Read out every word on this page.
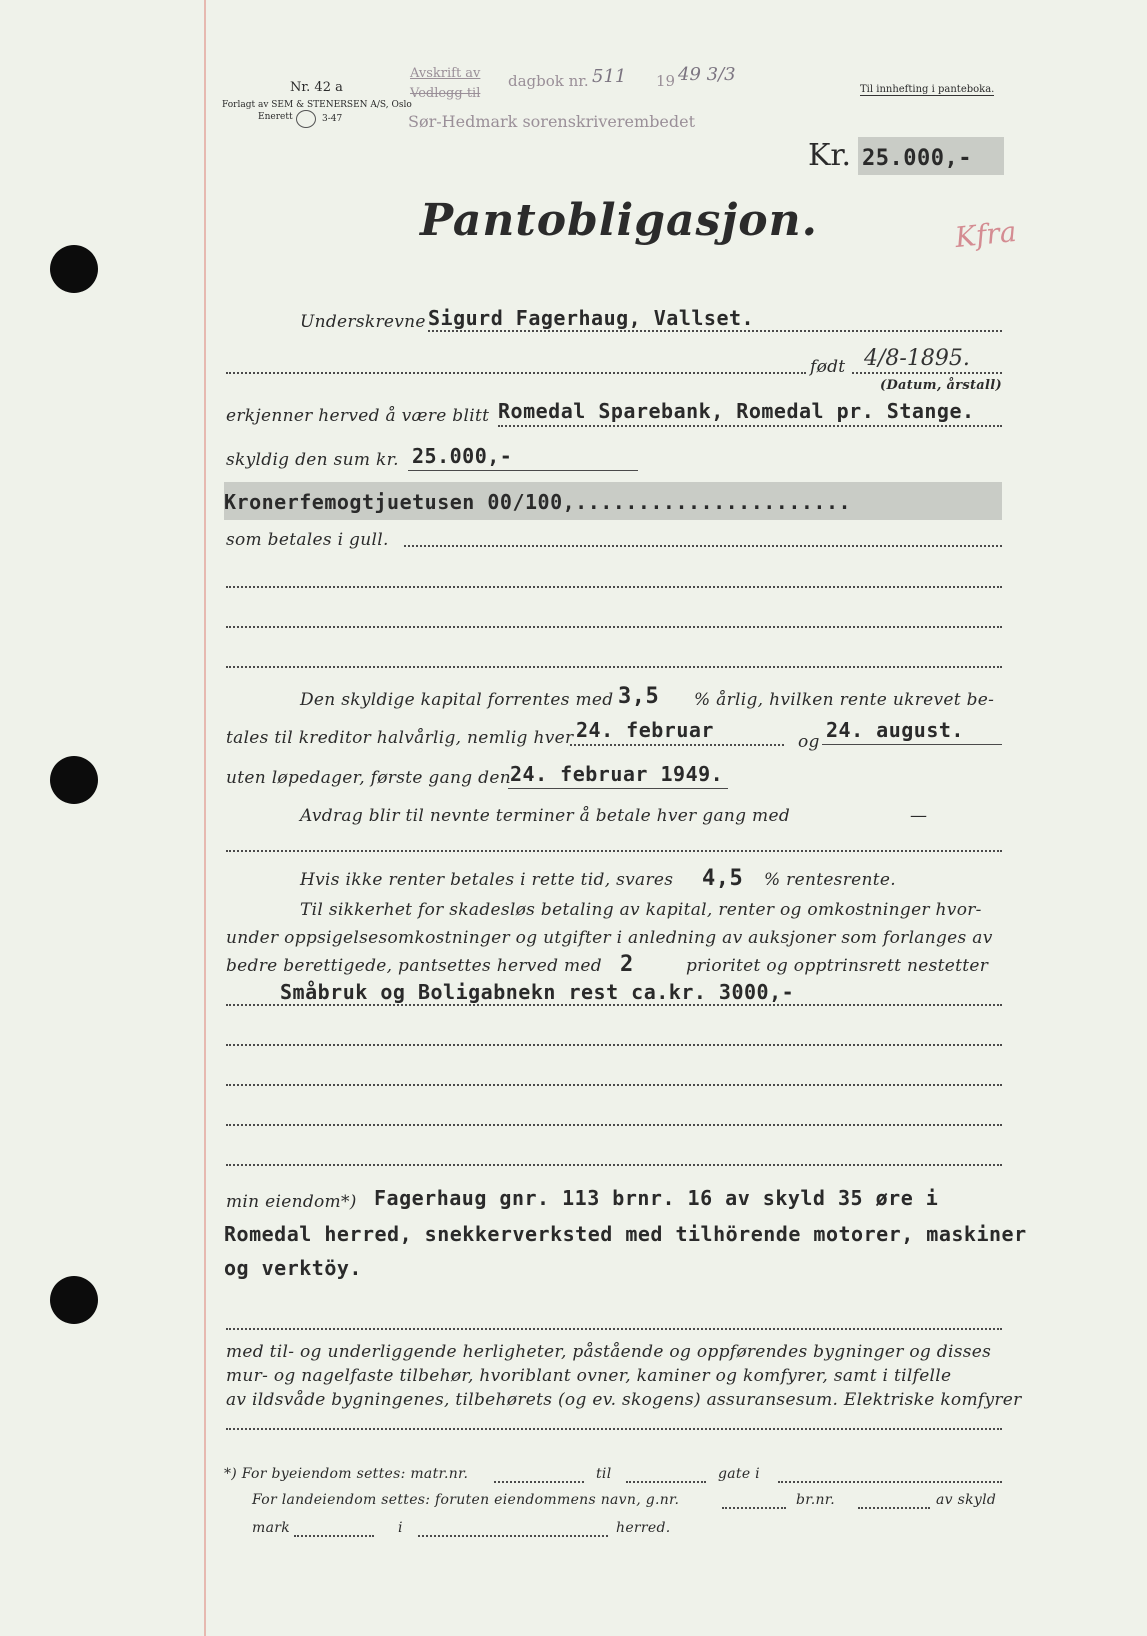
Nr. 42 a
Forlagt av SEM & STENERSEN A/S, Oslo
Enerett	3-47
Avskrift av
Vedlegg til
dagbok nr. 511 19 49 3/3
Sør-Hedmark sorenskriverembedet
Til innhefting i panteboka.
Kr. 25.000,-
Pantobligasjon.	Kfra
Underskrevne Sigurd Fagerhaug, Vallset.
født 4/8-1895.
(Datum, årstall)
erkjenner herved å være blitt Romedal Sparebank, Romedal pr. Stange.
skyldig den sum kr. 25.000,-
Kronerfemogtjuetusen 00/100,......................
som betales i gull.
Den skyldige kapital forrentes med 3,5 % årlig, hvilken rente ukrevet be-
tales til kreditor halvårlig, nemlig hver 24. februar	og 24. august.
uten løpedager, første gang den 24. februar 1949.
Avdrag blir til nevnte terminer å betale hver gang med	—
Hvis ikke renter betales i rette tid, svares 4,5 % rentesrente.
Til sikkerhet for skadesløs betaling av kapital, renter og omkostninger hvor-
under oppsigelsesomkostninger og utgifter i anledning av auksjoner som forlanges av
bedre berettigede, pantsettes herved med 2	prioritet og opptrinsrett nestetter
Småbruk og Boligabnekn rest ca.kr. 3000,-
min eiendom*) Fagerhaug gnr. 113 brnr. 16 av skyld 35 øre i
Romedal herred, snekkerverksted med tilhörende motorer, maskiner
og verktöy.
med til- og underliggende herligheter, påstående og oppførendes bygninger og disses
mur- og nagelfaste tilbehør, hvoriblant ovner, kaminer og komfyrer, samt i tilfelle
av ildsvåde bygningenes, tilbehørets (og ev. skogens) assuransesum. Elektriske komfyrer
*) For byeiendom settes: matr.nr.	til	gate i
For landeiendom settes: foruten eiendommens navn, g.nr.	br.nr.	av skyld
mark	i	herred.
